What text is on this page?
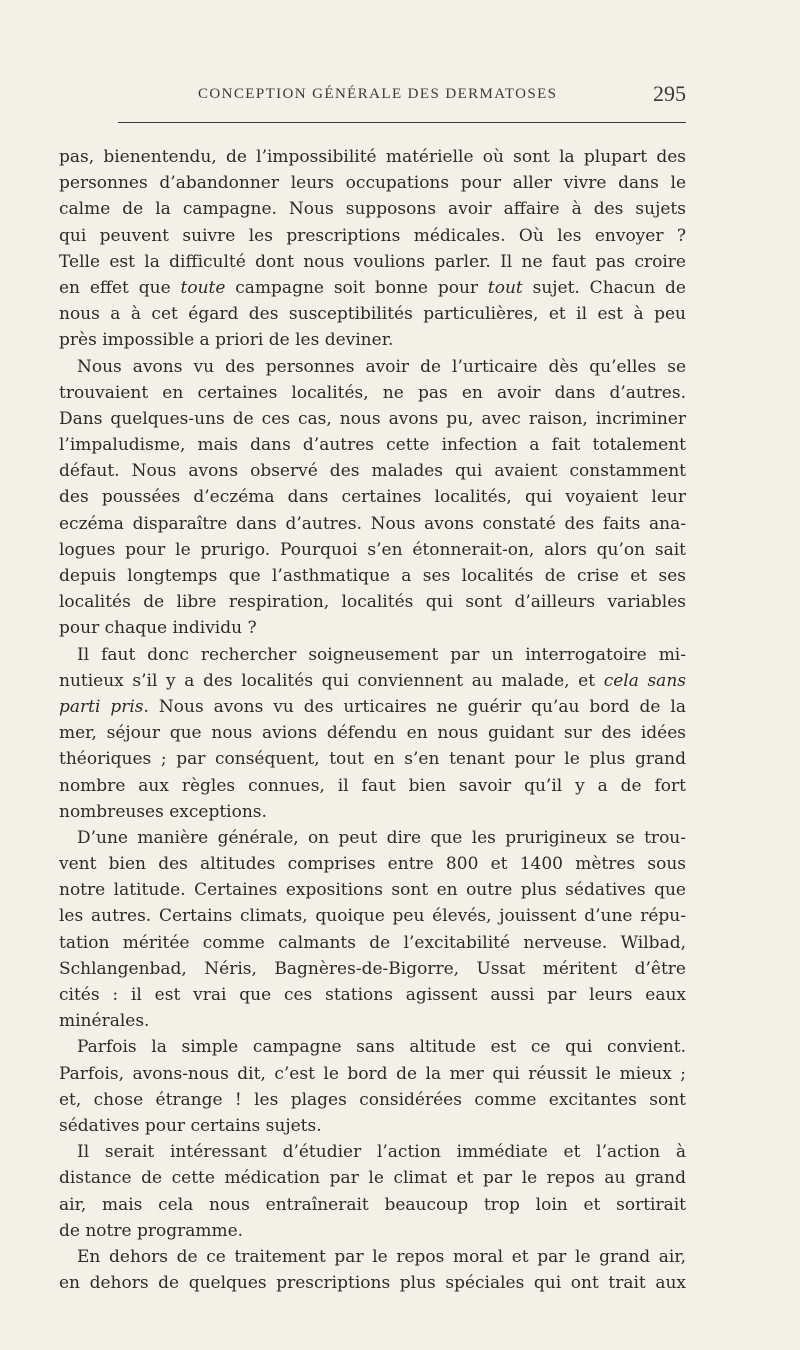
CONCEPTION GÉNÉRALE DES DERMATOSES	295
pas, bienentendu, de l’impossibilité matérielle où sont la plupart des
personnes d’abandonner leurs occupations pour aller vivre dans le
calme de la campagne. Nous supposons avoir affaire à des sujets
qui peuvent suivre les prescriptions médicales. Où les envoyer ?
Telle est la difficulté dont nous voulions parler. Il ne faut pas croire
en effet que toute campagne soit bonne pour tout sujet. Chacun de
nous a à cet égard des susceptibilités particulières, et il est à peu
près impossible a priori de les deviner.
Nous avons vu des personnes avoir de l’urticaire dès qu’elles se
trouvaient en certaines localités, ne pas en avoir dans d’autres.
Dans quelques-uns de ces cas, nous avons pu, avec raison, incriminer
l’impaludisme, mais dans d’autres cette infection a fait totalement
défaut. Nous avons observé des malades qui avaient constamment
des poussées d’eczéma dans certaines localités, qui voyaient leur
eczéma disparaître dans d’autres. Nous avons constaté des faits ana-
logues pour le prurigo. Pourquoi s’en étonnerait-on, alors qu’on sait
depuis longtemps que l’asthmatique a ses localités de crise et ses
localités de libre respiration, localités qui sont d’ailleurs variables
pour chaque individu ?
Il faut donc rechercher soigneusement par un interrogatoire mi-
nutieux s’il y a des localités qui conviennent au malade, et cela sans
parti pris. Nous avons vu des urticaires ne guérir qu’au bord de la
mer, séjour que nous avions défendu en nous guidant sur des idées
théoriques ; par conséquent, tout en s’en tenant pour le plus grand
nombre aux règles connues, il faut bien savoir qu’il y a de fort
nombreuses exceptions.
D’une manière générale, on peut dire que les prurigineux se trou-
vent bien des altitudes comprises entre 800 et 1400 mètres sous
notre latitude. Certaines expositions sont en outre plus sédatives que
les autres. Certains climats, quoique peu élevés, jouissent d’une répu-
tation méritée comme calmants de l’excitabilité nerveuse. Wilbad,
Schlangenbad, Néris, Bagnères-de-Bigorre, Ussat méritent d’être
cités : il est vrai que ces stations agissent aussi par leurs eaux
minérales.
Parfois la simple campagne sans altitude est ce qui convient.
Parfois, avons-nous dit, c’est le bord de la mer qui réussit le mieux ;
et, chose étrange ! les plages considérées comme excitantes sont
sédatives pour certains sujets.
Il serait intéressant d’étudier l’action immédiate et l’action à
distance de cette médication par le climat et par le repos au grand
air, mais cela nous entraînerait beaucoup trop loin et sortirait
de notre programme.
En dehors de ce traitement par le repos moral et par le grand air,
en dehors de quelques prescriptions plus spéciales qui ont trait aux
